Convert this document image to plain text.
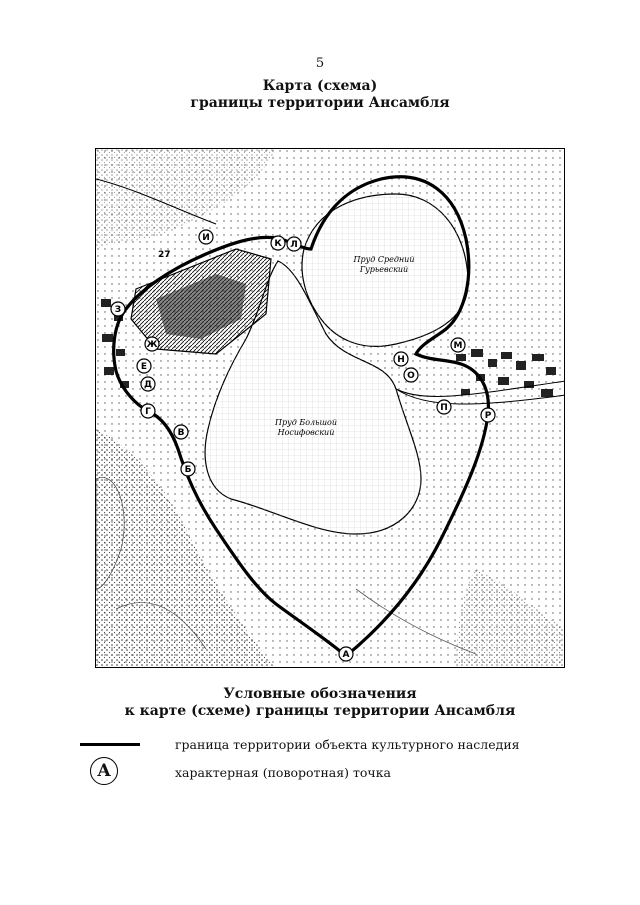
5
Карта (схема)
границы территории Ансамбля
27	Пруд Средний
Гурьевский
Пруд Большой
Носифовский
А
Б
В
Г
Д
Е
Ж
З
И
К Л
М
Н
О
П
Р
Условные обозначения
к карте (схеме) границы территории Ансамбля
граница территории объекта культурного наследия
А	характерная (поворотная) точка
